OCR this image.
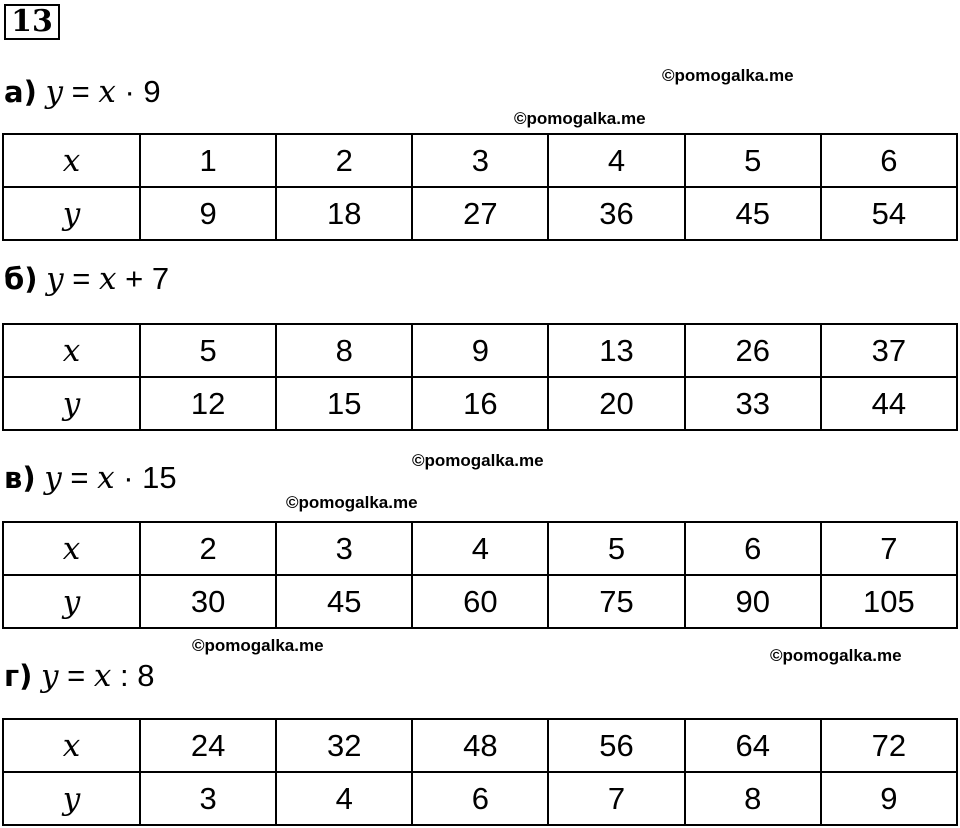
13
©pomogalka.me
©pomogalka.me
©pomogalka.me
©pomogalka.me
©pomogalka.me
©pomogalka.me
а) y = x · 9
x	1	2	3	4	5	6
y	9	18	27	36	45	54
б) y = x + 7
x	5	8	9	13	26	37
y	12	15	16	20	33	44
в) y = x · 15
x	2	3	4	5	6	7
y	30	45	60	75	90	105
г) y = x : 8
x	24	32	48	56	64	72
y	3	4	6	7	8	9
